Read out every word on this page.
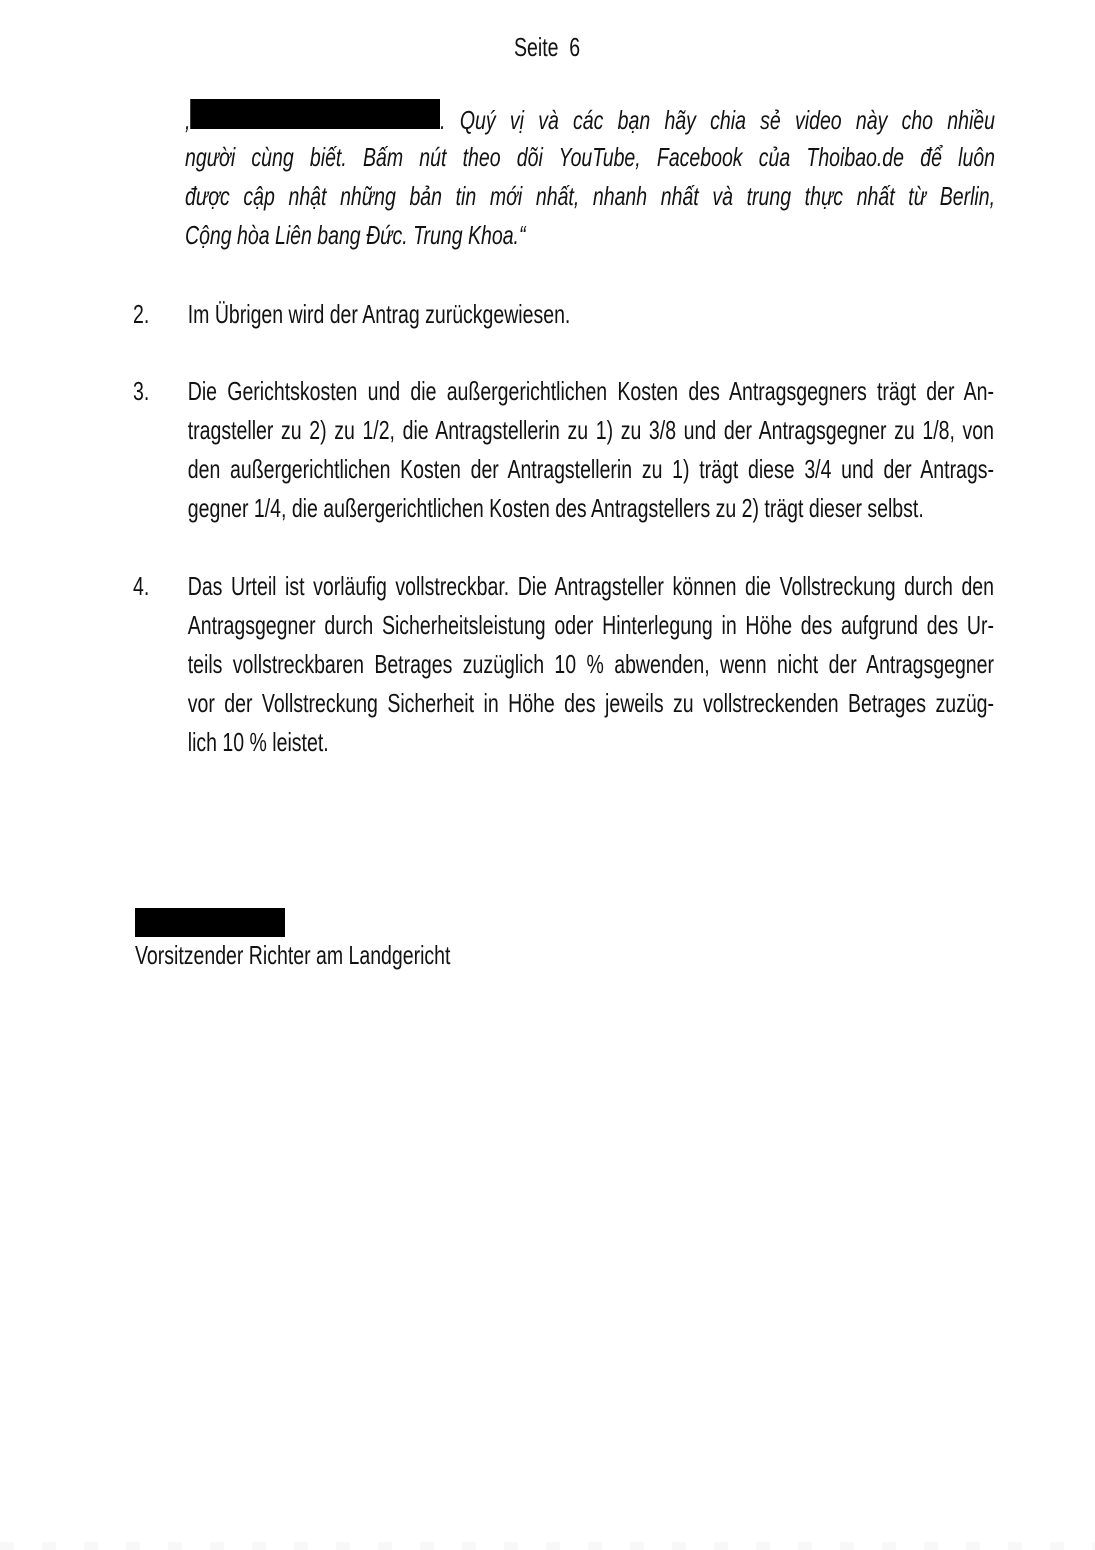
Seite  6
,	. Quý vị và các bạn hãy chia sẻ video này cho nhiều
người cùng biết. Bấm nút theo dõi YouTube, Facebook của Thoibao.de để luôn
được cập nhật những bản tin mới nhất, nhanh nhất và trung thực nhất từ Berlin,
Cộng hòa Liên bang Đức. Trung Khoa.“
2. Im Übrigen wird der Antrag zurückgewiesen.
3. Die Gerichtskosten und die außergerichtlichen Kosten des Antragsgegners trägt der An-
tragsteller zu 2) zu 1/2, die Antragstellerin zu 1) zu 3/8 und der Antragsgegner zu 1/8, von
den außergerichtlichen Kosten der Antragstellerin zu 1) trägt diese 3/4 und der Antrags-
gegner 1/4, die außergerichtlichen Kosten des Antragstellers zu 2) trägt dieser selbst.
4. Das Urteil ist vorläufig vollstreckbar. Die Antragsteller können die Vollstreckung durch den
Antragsgegner durch Sicherheitsleistung oder Hinterlegung in Höhe des aufgrund des Ur-
teils vollstreckbaren Betrages zuzüglich 10 % abwenden, wenn nicht der Antragsgegner
vor der Vollstreckung Sicherheit in Höhe des jeweils zu vollstreckenden Betrages zuzüg-
lich 10 % leistet.
Vorsitzender Richter am Landgericht
